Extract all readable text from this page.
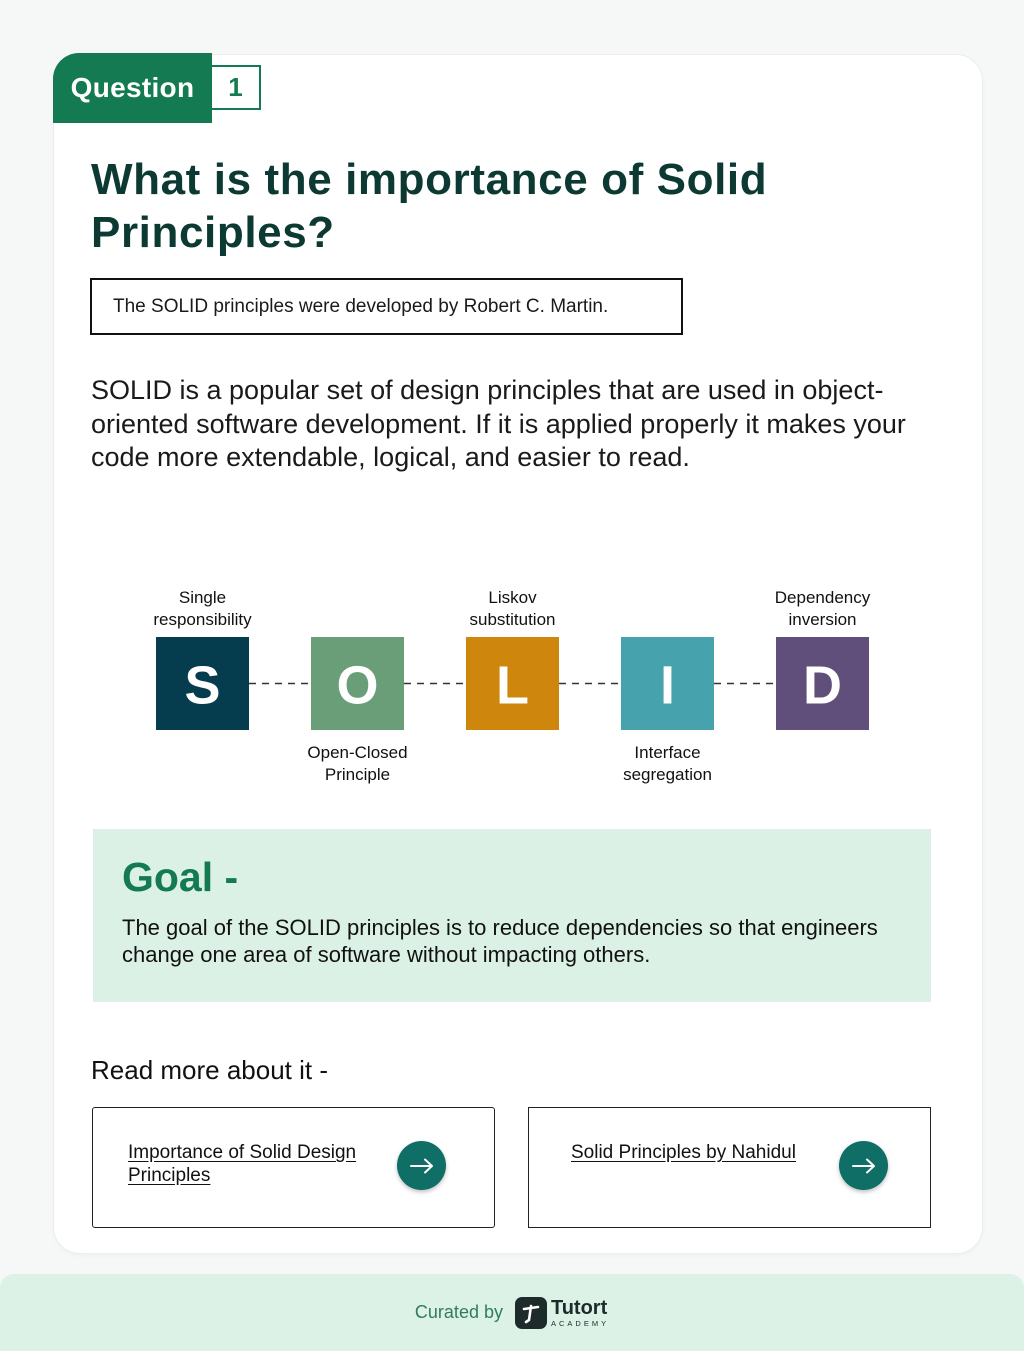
Question 1
What is the importance of Solid Principles?
The SOLID principles were developed by Robert C. Martin.

SOLID is a popular set of design principles that are used in object-oriented software development. If it is applied properly it makes your code more extendable, logical, and easier to read.

S
Single
responsibility
O
Open-Closed
Principle
L
Liskov
substitution
I
Interface
segregation
D
Dependency
inversion
Goal -

The goal of the SOLID principles is to reduce dependencies so that engineers change one area of software without impacting others.

Read more about it -
Importance of Solid Design Principles
Solid Principles by Nahidul
Curated by Tutort
ACADEMY
